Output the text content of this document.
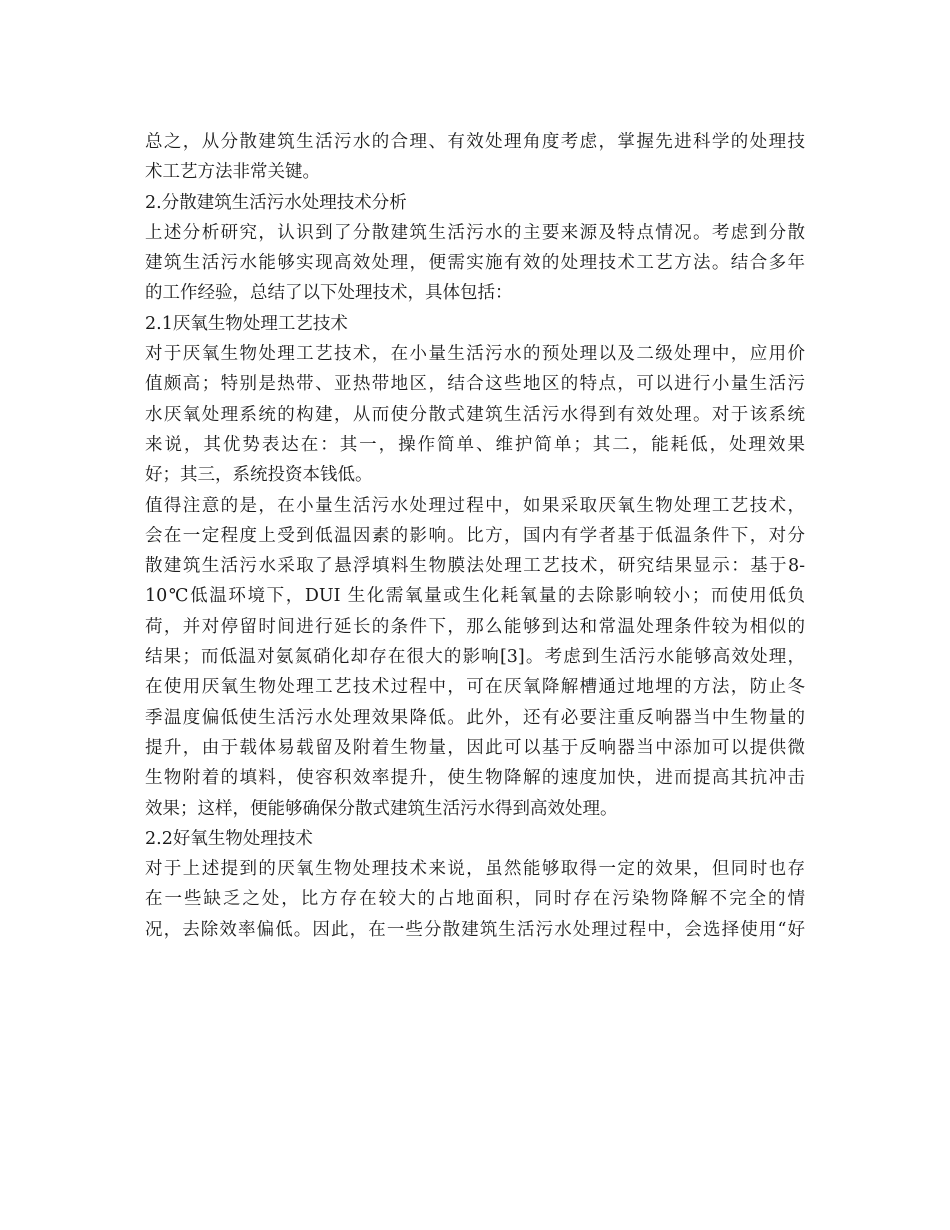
总之，从分散建筑生活污水的合理、有效处理角度考虑，掌握先进科学的处理技
术工艺方法非常关键。
2.分散建筑生活污水处理技术分析
上述分析研究，认识到了分散建筑生活污水的主要来源及特点情况。考虑到分散
建筑生活污水能够实现高效处理，便需实施有效的处理技术工艺方法。结合多年
的工作经验，总结了以下处理技术，具体包括：
2.1厌氧生物处理工艺技术
对于厌氧生物处理工艺技术，在小量生活污水的预处理以及二级处理中，应用价
值颇高；特别是热带、亚热带地区，结合这些地区的特点，可以进行小量生活污
水厌氧处理系统的构建，从而使分散式建筑生活污水得到有效处理。对于该系统
来说，其优势表达在：其一，操作简单、维护简单；其二，能耗低，处理效果
好；其三，系统投资本钱低。
值得注意的是，在小量生活污水处理过程中，如果采取厌氧生物处理工艺技术，
会在一定程度上受到低温因素的影响。比方，国内有学者基于低温条件下，对分
散建筑生活污水采取了悬浮填料生物膜法处理工艺技术，研究结果显示：基于8-
10℃低温环境下，DUI 生化需氧量或生化耗氧量的去除影响较小；而使用低负
荷，并对停留时间进行延长的条件下，那么能够到达和常温处理条件较为相似的
结果；而低温对氨氮硝化却存在很大的影响[3]。考虑到生活污水能够高效处理，
在使用厌氧生物处理工艺技术过程中，可在厌氧降解槽通过地埋的方法，防止冬
季温度偏低使生活污水处理效果降低。此外，还有必要注重反响器当中生物量的
提升，由于载体易载留及附着生物量，因此可以基于反响器当中添加可以提供微
生物附着的填料，使容积效率提升，使生物降解的速度加快，进而提高其抗冲击
效果；这样，便能够确保分散式建筑生活污水得到高效处理。
2.2好氧生物处理技术
对于上述提到的厌氧生物处理技术来说，虽然能够取得一定的效果，但同时也存
在一些缺乏之处，比方存在较大的占地面积，同时存在污染物降解不完全的情
况，去除效率偏低。因此，在一些分散建筑生活污水处理过程中，会选择使用“好
